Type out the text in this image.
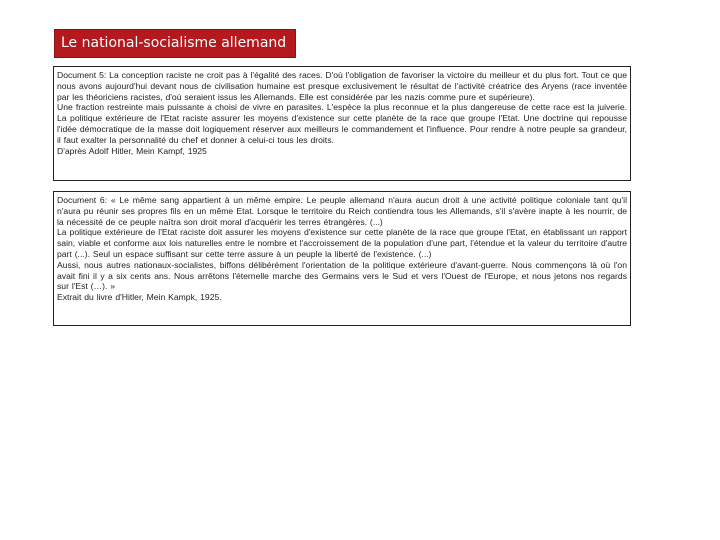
Le national-socialisme allemand

Document 5: La conception raciste ne croit pas à l'égalité des races. D'où l'obligation de favoriser la victoire du meilleur et du plus fort. Tout ce que nous avons aujourd'hui devant nous de civilisation humaine est presque exclusivement le résultat de l'activité créatrice des Aryens (race inventée par les théoriciens racistes, d'où seraient issus les Allemands. Elle est considérée par les nazis comme pure et supérieure).

Une fraction restreinte mais puissante a choisi de vivre en parasites. L'espèce la plus reconnue et la plus dangereuse de cette race est la juiverie. La politique extérieure de l'Etat raciste assurer les moyens d'existence sur cette planète de la race que groupe l'Etat. Une doctrine qui repousse l'idée démocratique de la masse doit logiquement réserver aux meilleurs le commandement et l'influence. Pour rendre à notre peuple sa grandeur, il faut exalter la personnalité du chef et donner à celui-ci tous les droits.

D'après Adolf Hitler, Mein Kampf, 1925

Document 6: « Le même sang appartient à un même empire. Le peuple allemand n'aura aucun droit à une activité politique coloniale tant qu'il n'aura pu réunir ses propres fils en un même Etat. Lorsque le territoire du Reich contiendra tous les Allemands, s'il s'avère inapte à les nourrir, de la nécessité de ce peuple naîtra son droit moral d'acquérir les terres étrangères. (...)

La politique extérieure de l'Etat raciste doit assurer les moyens d'existence sur cette planète de la race que groupe l'Etat, en établissant un rapport sain, viable et conforme aux lois naturelles entre le nombre et l'accroissement de la population d'une part, l'étendue et la valeur du territoire d'autre part (...). Seul un espace suffisant sur cette terre assure à un peuple la liberté de l'existence. (...)

Aussi, nous autres nationaux-socialistes, biffons délibérément l'orientation de la politique extérieure d'avant-guerre. Nous commençons là où l'on avait fini il y a six cents ans. Nous arrêtons l'éternelle marche des Germains vers le Sud et vers l'Ouest de l'Europe, et nous jetons nos regards sur l'Est (…). »

Extrait du livre d'Hitler, Mein Kampk, 1925.
